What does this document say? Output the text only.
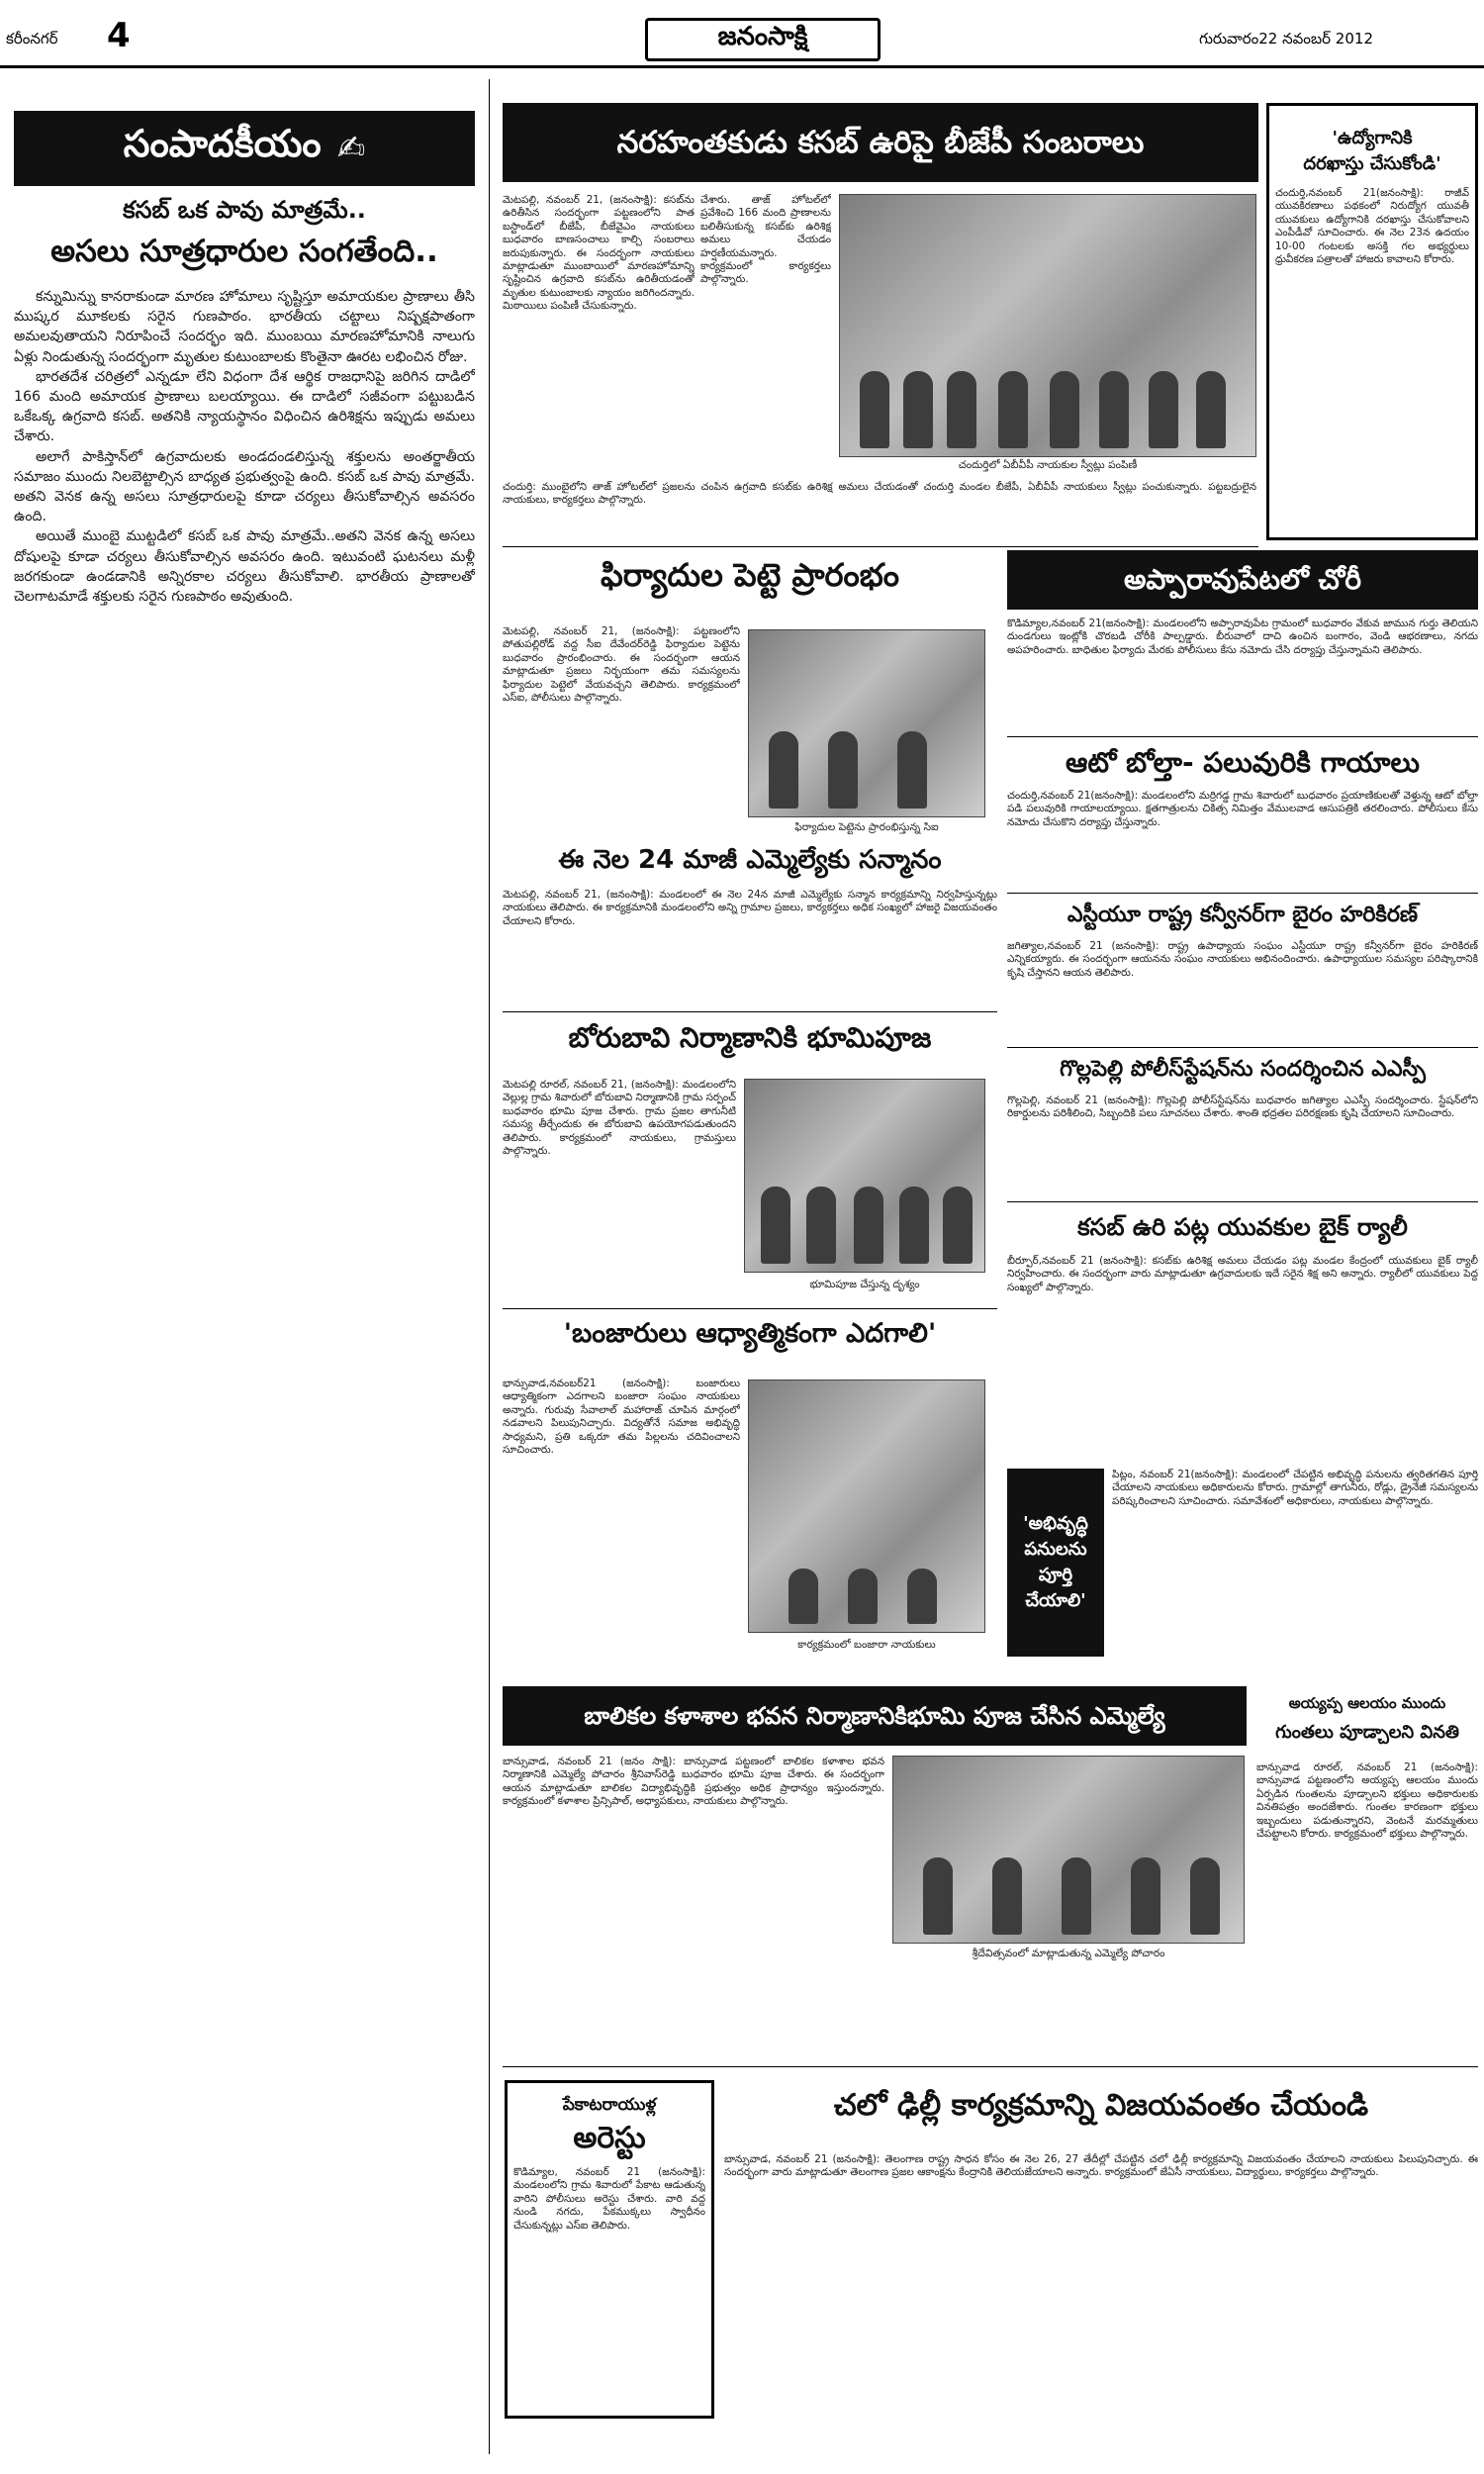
కరీంనగర్ 4	జనంసాక్షి	గురువారం22 నవంబర్ 2012
సంపాదకీయం ✍
కసబ్ ఒక పావు మాత్రమే..
అసలు సూత్రధారుల సంగతేంది..

కన్నుమిన్ను కానరాకుండా మారణ హోమాలు సృష్టిస్తూ అమాయకుల ప్రాణాలు తీసి ముష్కర మూకలకు సరైన గుణపాఠం. భారతీయ చట్టాలు నిష్పక్షపాతంగా అమలవుతాయని నిరూపించే సందర్భం ఇది. ముంబయి మారణహోమానికి నాలుగు ఏళ్లు నిండుతున్న సందర్భంగా మృతుల కుటుంబాలకు కొంతైనా ఊరట లభించిన రోజు.

భారతదేశ చరిత్రలో ఎన్నడూ లేని విధంగా దేశ ఆర్థిక రాజధానిపై జరిగిన దాడిలో 166 మంది అమాయక ప్రాణాలు బలయ్యాయి. ఈ దాడిలో సజీవంగా పట్టుబడిన ఒకేఒక్క ఉగ్రవాది కసబ్. అతనికి న్యాయస్థానం విధించిన ఉరిశిక్షను ఇప్పుడు అమలు చేశారు.

అలాగే పాకిస్తాన్‌లో ఉగ్రవాదులకు అండదండలిస్తున్న శక్తులను అంతర్జాతీయ సమాజం ముందు నిలబెట్టాల్సిన బాధ్యత ప్రభుత్వంపై ఉంది. కసబ్ ఒక పావు మాత్రమే. అతని వెనక ఉన్న అసలు సూత్రధారులపై కూడా చర్యలు తీసుకోవాల్సిన అవసరం ఉంది.

అయితే ముంబై ముట్టడిలో కసబ్ ఒక పావు మాత్రమే..అతని వెనక ఉన్న అసలు దోషులపై కూడా చర్యలు తీసుకోవాల్సిన అవసరం ఉంది. ఇటువంటి ఘటనలు మళ్లీ జరగకుండా ఉండడానికి అన్నిరకాల చర్యలు తీసుకోవాలి. భారతీయ ప్రాణాలతో చెలగాటమాడే శక్తులకు సరైన గుణపాఠం అవుతుంది.

నరహంతకుడు కసబ్ ఉరిపై బీజేపీ సంబరాలు
మెటపల్లి, నవంబర్ 21, (జనంసాక్షి): కసబ్‌ను ఉరితీసిన సందర్భంగా పట్టణంలోని పాత బస్టాండ్‌లో బీజేపీ, బీజేవైఎం నాయకులు బుధవారం బాణసంచాలు కాల్చి సంబరాలు జరుపుకున్నారు. ఈ సందర్భంగా నాయకులు మాట్లాడుతూ ముంబాయిలో మారణహోమాన్ని సృష్టించిన ఉగ్రవాది కసబ్‌ను ఉరితీయడంతో మృతుల కుటుంబాలకు న్యాయం జరిగిందన్నారు. మిఠాయిలు పంపిణీ చేసుకున్నారు.
చేశారు. తాజ్ హోటల్‌లో ప్రవేశించి 166 మంది ప్రాణాలను బలితీసుకున్న కసబ్‌కు ఉరిశిక్ష అమలు చేయడం హర్షణీయమన్నారు. కార్యక్రమంలో కార్యకర్తలు పాల్గొన్నారు.
చందుర్తిలో ఏబీవీపీ నాయకుల స్వీట్లు పంపిణీ
చందుర్తి: ముంబైలోని తాజ్ హోటల్‌లో ప్రజలను చంపిన ఉగ్రవాది కసబ్‌కు ఉరిశిక్ష అమలు చేయడంతో చందుర్తి మండల బీజేపీ, ఏబీవీపీ నాయకులు స్వీట్లు పంచుకున్నారు. పట్టబద్రులైన నాయకులు, కార్యకర్తలు పాల్గొన్నారు.
'ఉద్యోగానికి
దరఖాస్తు చేసుకోండి'
చందుర్తి,నవంబర్ 21(జనంసాక్షి): రాజీవ్ యువకిరణాలు పథకంలో నిరుద్యోగ యువతీ యువకులు ఉద్యోగానికి దరఖాస్తు చేసుకోవాలని ఎంపీడీవో సూచించారు. ఈ నెల 23న ఉదయం 10-00 గంటలకు అసక్తి గల అభ్యర్థులు ధ్రువీకరణ పత్రాలతో హాజరు కావాలని కోరారు.
ఫిర్యాదుల పెట్టె ప్రారంభం
మెటపల్లి, నవంబర్ 21, (జనంసాక్షి): పట్టణంలోని పోతుపల్లిరోడ్ వద్ద సీఐ దేవేందర్‌రెడ్డి ఫిర్యాదుల పెట్టెను బుధవారం ప్రారంభించారు. ఈ సందర్భంగా ఆయన మాట్లాడుతూ ప్రజలు నిర్భయంగా తమ సమస్యలను ఫిర్యాదుల పెట్టెలో వేయవచ్చని తెలిపారు. కార్యక్రమంలో ఎస్ఐ, పోలీసులు పాల్గొన్నారు.
ఫిర్యాదుల పెట్టెను ప్రారంభిస్తున్న సిఐ
అప్పారావుపేటలో చోరీ
కొడిమ్యాల,నవంబర్ 21(జనంసాక్షి): మండలంలోని అప్పారావుపేట గ్రామంలో బుధవారం వేకువ జామున గుర్తు తెలియని దుండగులు ఇంట్లోకి చొరబడి చోరీకి పాల్పడ్డారు. బీరువాలో దాచి ఉంచిన బంగారం, వెండి ఆభరణాలు, నగదు అపహరించారు. బాధితుల ఫిర్యాదు మేరకు పోలీసులు కేసు నమోదు చేసి దర్యాప్తు చేస్తున్నామని తెలిపారు.
ఆటో బోల్తా- పలువురికి గాయాలు
చందుర్తి,నవంబర్ 21(జనంసాక్షి): మండలంలోని మర్రిగడ్డ గ్రామ శివారులో బుధవారం ప్రయాణికులతో వెళ్తున్న ఆటో బోల్తా పడి పలువురికి గాయాలయ్యాయి. క్షతగాత్రులను చికిత్స నిమిత్తం వేములవాడ ఆసుపత్రికి తరలించారు. పోలీసులు కేసు నమోదు చేసుకొని దర్యాప్తు చేస్తున్నారు.
ఈ నెల 24 మాజీ ఎమ్మెల్యేకు సన్మానం
మెటపల్లి, నవంబర్ 21, (జనంసాక్షి): మండలంలో ఈ నెల 24న మాజీ ఎమ్మెల్యేకు సన్మాన కార్యక్రమాన్ని నిర్వహిస్తున్నట్లు నాయకులు తెలిపారు. ఈ కార్యక్రమానికి మండలంలోని అన్ని గ్రామాల ప్రజలు, కార్యకర్తలు అధిక సంఖ్యలో హాజరై విజయవంతం చేయాలని కోరారు.	ఎస్టీయూ రాష్ట్ర కన్వీనర్‌గా బైరం హరికిరణ్
జగిత్యాల,నవంబర్ 21 (జనంసాక్షి): రాష్ట్ర ఉపాధ్యాయ సంఘం ఎస్టీయూ రాష్ట్ర కన్వీనర్‌గా బైరం హరికిరణ్ ఎన్నికయ్యారు. ఈ సందర్భంగా ఆయనను సంఘం నాయకులు అభినందించారు. ఉపాధ్యాయుల సమస్యల పరిష్కారానికి కృషి చేస్తానని ఆయన తెలిపారు.
బోరుబావి నిర్మాణానికి భూమిపూజ
మెటపల్లి రూరల్, నవంబర్ 21, (జనంసాక్షి): మండలంలోని వెల్లుల్ల గ్రామ శివారులో బోరుబావి నిర్మాణానికి గ్రామ సర్పంచ్ బుధవారం భూమి పూజ చేశారు. గ్రామ ప్రజల తాగునీటి సమస్య తీర్చేందుకు ఈ బోరుబావి ఉపయోగపడుతుందని తెలిపారు. కార్యక్రమంలో నాయకులు, గ్రామస్తులు పాల్గొన్నారు.
భూమిపూజ చేస్తున్న దృశ్యం
గొల్లపెల్లి పోలీస్‌స్టేషన్‌ను సందర్శించిన ఎఎస్పీ
గొల్లపెల్లి, నవంబర్ 21 (జనంసాక్షి): గొల్లపెల్లి పోలీస్‌స్టేషన్‌ను బుధవారం జగిత్యాల ఎఎస్పీ సందర్శించారు. స్టేషన్‌లోని రికార్డులను పరిశీలించి, సిబ్బందికి పలు సూచనలు చేశారు. శాంతి భద్రతల పరిరక్షణకు కృషి చేయాలని సూచించారు.
కసబ్ ఉరి పట్ల యువకుల బైక్ ర్యాలీ
బీర్పూర్,నవంబర్ 21 (జనంసాక్షి): కసబ్‌కు ఉరిశిక్ష అమలు చేయడం పట్ల మండల కేంద్రంలో యువకులు బైక్ ర్యాలీ నిర్వహించారు. ఈ సందర్భంగా వారు మాట్లాడుతూ ఉగ్రవాదులకు ఇదే సరైన శిక్ష అని అన్నారు. ర్యాలీలో యువకులు పెద్ద సంఖ్యలో పాల్గొన్నారు.
'బంజారులు ఆధ్యాత్మికంగా ఎదగాలి'
భాన్సువాడ,నవంబర్21 (జనంసాక్షి): బంజారులు ఆధ్యాత్మికంగా ఎదగాలని బంజారా సంఘం నాయకులు అన్నారు. గురువు సేవాలాల్ మహారాజ్ చూపిన మార్గంలో నడవాలని పిలుపునిచ్చారు. విద్యతోనే సమాజ అభివృద్ధి సాధ్యమని, ప్రతి ఒక్కరూ తమ పిల్లలను చదివించాలని సూచించారు.
కార్యక్రమంలో బంజారా నాయకులు
'అభివృద్ధి
పనులను
పూర్తి
చేయాలి'
పిట్లం, నవంబర్ 21(జనంసాక్షి): మండలంలో చేపట్టిన అభివృద్ధి పనులను త్వరితగతిన పూర్తి చేయాలని నాయకులు అధికారులను కోరారు. గ్రామాల్లో తాగునీరు, రోడ్లు, డ్రైనేజీ సమస్యలను పరిష్కరించాలని సూచించారు. సమావేశంలో అధికారులు, నాయకులు పాల్గొన్నారు.
బాలికల కళాశాల భవన నిర్మాణానికిభూమి పూజ చేసిన ఎమ్మెల్యే
బాన్సువాడ, నవంబర్ 21 (జనం సాక్షి): బాన్సువాడ పట్టణంలో బాలికల కళాశాల భవన నిర్మాణానికి ఎమ్మెల్యే పోచారం శ్రీనివాస్‌రెడ్డి బుధవారం భూమి పూజ చేశారు. ఈ సందర్భంగా ఆయన మాట్లాడుతూ బాలికల విద్యాభివృద్ధికి ప్రభుత్వం అధిక ప్రాధాన్యం ఇస్తుందన్నారు. కార్యక్రమంలో కళాశాల ప్రిన్సిపాల్, అధ్యాపకులు, నాయకులు పాల్గొన్నారు.
శ్రీదేవిత్సవంలో మాట్లాడుతున్న ఎమ్మెల్యే పోచారం
అయ్యప్ప ఆలయం ముందు
గుంతలు పూడ్చాలని వినతి
బాన్సువాడ రూరల్, నవంబర్ 21 (జనంసాక్షి): బాన్సువాడ పట్టణంలోని అయ్యప్ప ఆలయం ముందు ఏర్పడిన గుంతలను పూడ్చాలని భక్తులు అధికారులకు వినతిపత్రం అందజేశారు. గుంతల కారణంగా భక్తులు ఇబ్బందులు పడుతున్నారని, వెంటనే మరమ్మతులు చేపట్టాలని కోరారు. కార్యక్రమంలో భక్తులు పాల్గొన్నారు.
పేకాటరాయుళ్ల
అరెస్టు
కొడిమ్యాల, నవంబర్ 21 (జనంసాక్షి): మండలంలోని గ్రామ శివారులో పేకాట ఆడుతున్న వారిని పోలీసులు అరెస్టు చేశారు. వారి వద్ద నుండి నగదు, పేకముక్కలు స్వాధీనం చేసుకున్నట్లు ఎస్ఐ తెలిపారు.
చలో ఢిల్లీ కార్యక్రమాన్ని విజయవంతం చేయండి
బాన్సువాడ, నవంబర్ 21 (జనంసాక్షి): తెలంగాణ రాష్ట్ర సాధన కోసం ఈ నెల 26, 27 తేదీల్లో చేపట్టిన చలో ఢిల్లీ కార్యక్రమాన్ని విజయవంతం చేయాలని నాయకులు పిలుపునిచ్చారు. ఈ సందర్భంగా వారు మాట్లాడుతూ తెలంగాణ ప్రజల ఆకాంక్షను కేంద్రానికి తెలియజేయాలని అన్నారు. కార్యక్రమంలో జేఏసీ నాయకులు, విద్యార్థులు, కార్యకర్తలు పాల్గొన్నారు.
